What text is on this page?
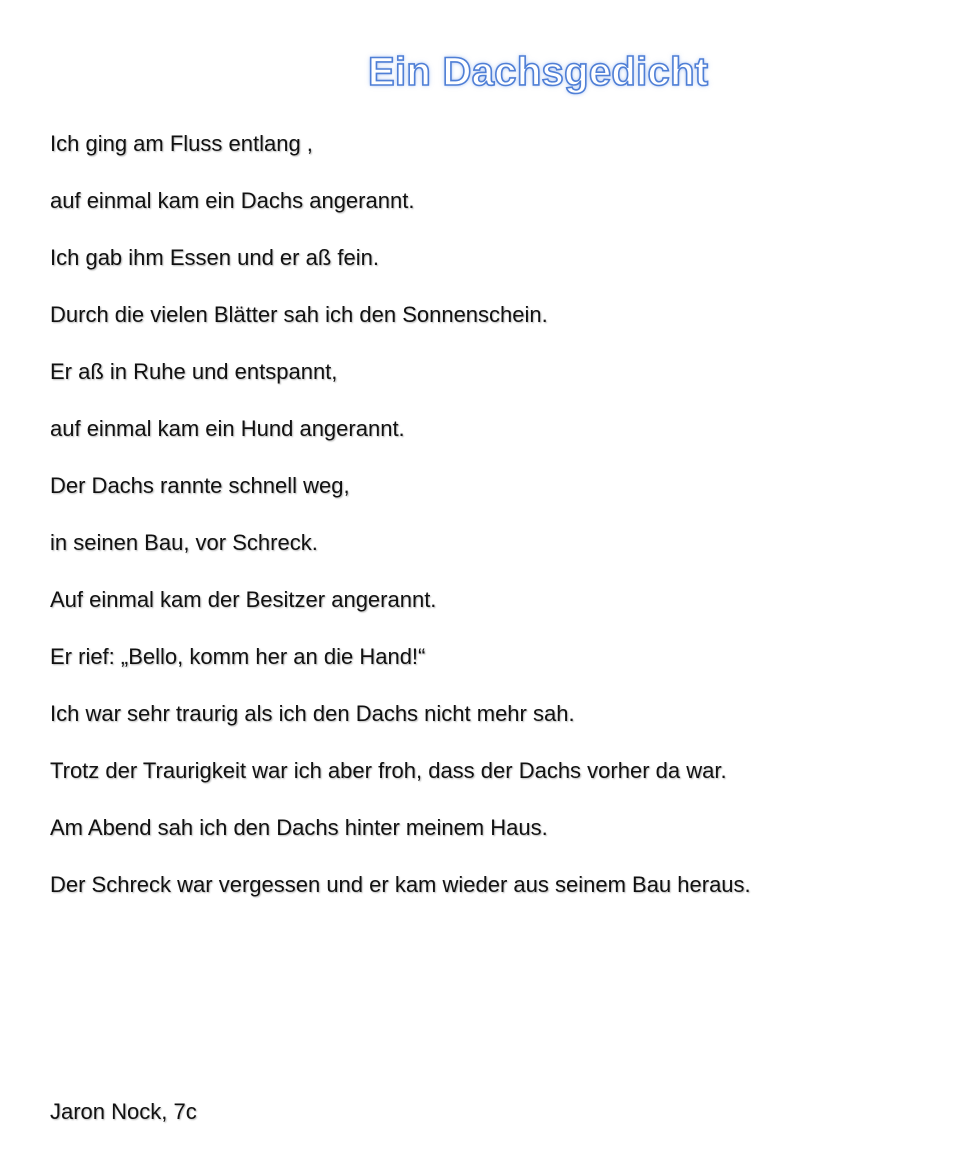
Ein Dachsgedicht
Ich ging am Fluss entlang ,
auf einmal kam ein Dachs angerannt.
Ich gab ihm Essen und er aß fein.
Durch die vielen Blätter sah ich den Sonnenschein.
Er aß in Ruhe und entspannt,
auf einmal kam ein Hund angerannt.
Der Dachs rannte schnell weg,
in seinen Bau, vor Schreck.
Auf einmal kam der Besitzer angerannt.
Er rief: „Bello, komm her an die Hand!“
Ich war sehr traurig als ich den Dachs nicht mehr sah.
Trotz der Traurigkeit war ich aber froh, dass der Dachs vorher da war.
Am Abend sah ich den Dachs hinter meinem Haus.
Der Schreck war vergessen und er kam wieder aus seinem Bau heraus.

Jaron Nock, 7c
